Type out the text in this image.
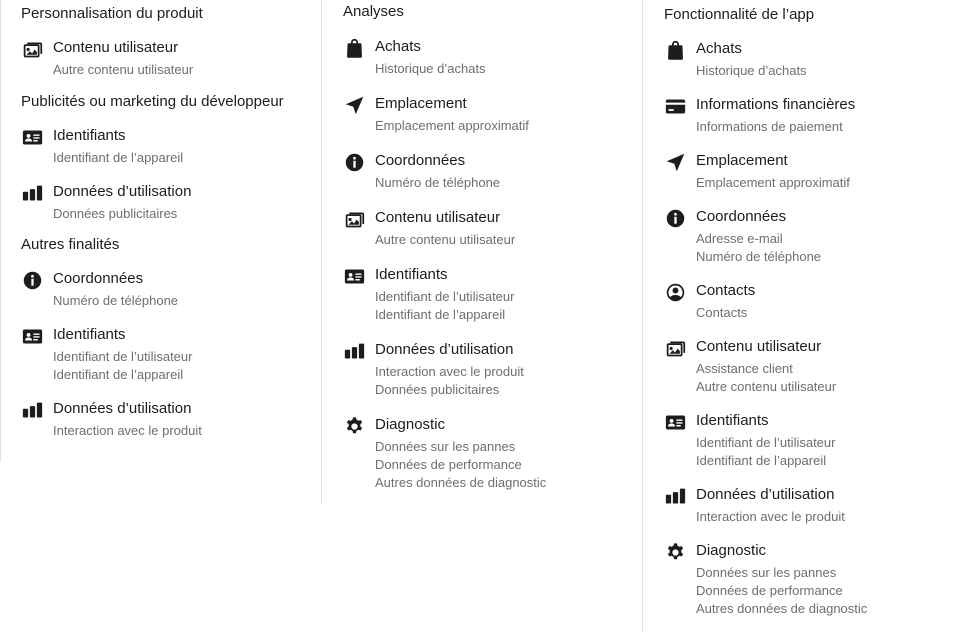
Personnalisation du produit

Contenu utilisateur

Autre contenu utilisateur
Publicités ou marketing du développeur

Identifiants

Identifiant de l’appareil

Données d’utilisation

Données publicitaires
Autres finalités

Coordonnées

Numéro de téléphone

Identifiants

Identifiant de l’utilisateur
Identifiant de l’appareil

Données d’utilisation

Interaction avec le produit
Analyses

Achats

Historique d’achats

Emplacement

Emplacement approximatif

Coordonnées

Numéro de téléphone

Contenu utilisateur

Autre contenu utilisateur

Identifiants

Identifiant de l’utilisateur
Identifiant de l’appareil

Données d’utilisation

Interaction avec le produit
Données publicitaires

Diagnostic

Données sur les pannes
Données de performance
Autres données de diagnostic
Fonctionnalité de l’app

Achats

Historique d’achats

Informations financières

Informations de paiement

Emplacement

Emplacement approximatif

Coordonnées

Adresse e-mail
Numéro de téléphone

Contacts

Contacts

Contenu utilisateur

Assistance client
Autre contenu utilisateur

Identifiants

Identifiant de l’utilisateur
Identifiant de l’appareil

Données d’utilisation

Interaction avec le produit

Diagnostic

Données sur les pannes
Données de performance
Autres données de diagnostic
